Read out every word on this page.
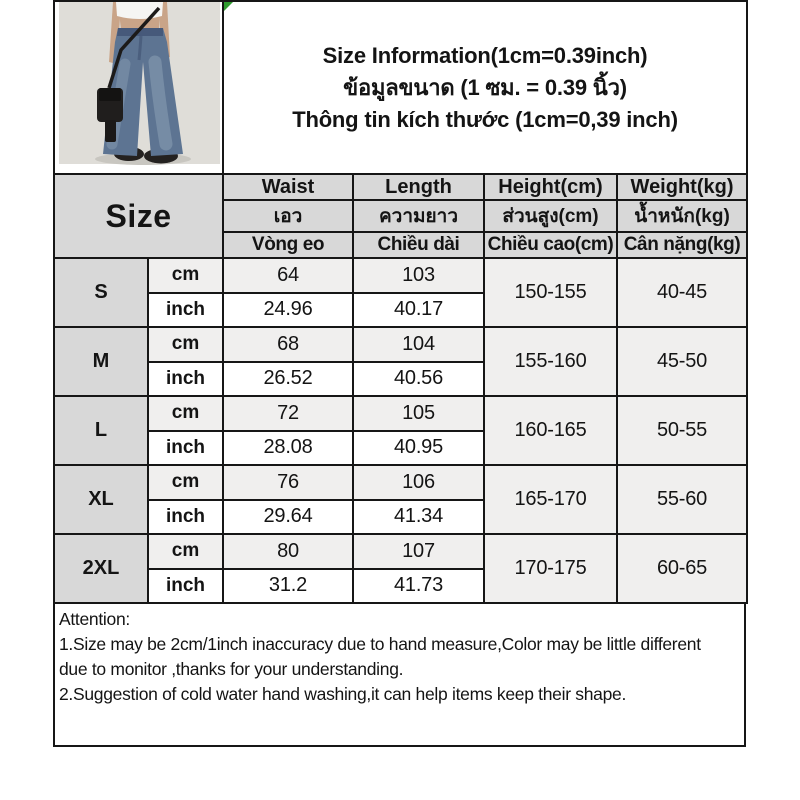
Size Information(1cm=0.39inch)
ข้อมูลขนาด (1 ซม. = 0.39 นิ้ว)
Thông tin kích thước (1cm=0,39 inch)			

Size		Waist	Length	Height(cm)	Weight(kg)
		เอว	ความยาว	ส่วนสูง(cm)	น้ำหนัก(kg)
		Vòng eo	Chiều dài	Chiều cao(cm)	Cân nặng(kg)
S	cm	64	103	150-155	40-45
	inch	24.96	40.17		
M	cm	68	104	155-160	45-50
	inch	26.52	40.56		
L	cm	72	105	160-165	50-55
	inch	28.08	40.95		
XL	cm	76	106	165-170	55-60
	inch	29.64	41.34		
2XL	cm	80	107	170-175	60-65
	inch	31.2	41.73		
Attention:
1.Size may be 2cm/1inch inaccuracy due to hand measure,Color may be little different
due to monitor ,thanks for your understanding.
2.Suggestion of cold water hand washing,it can help items keep their shape.
